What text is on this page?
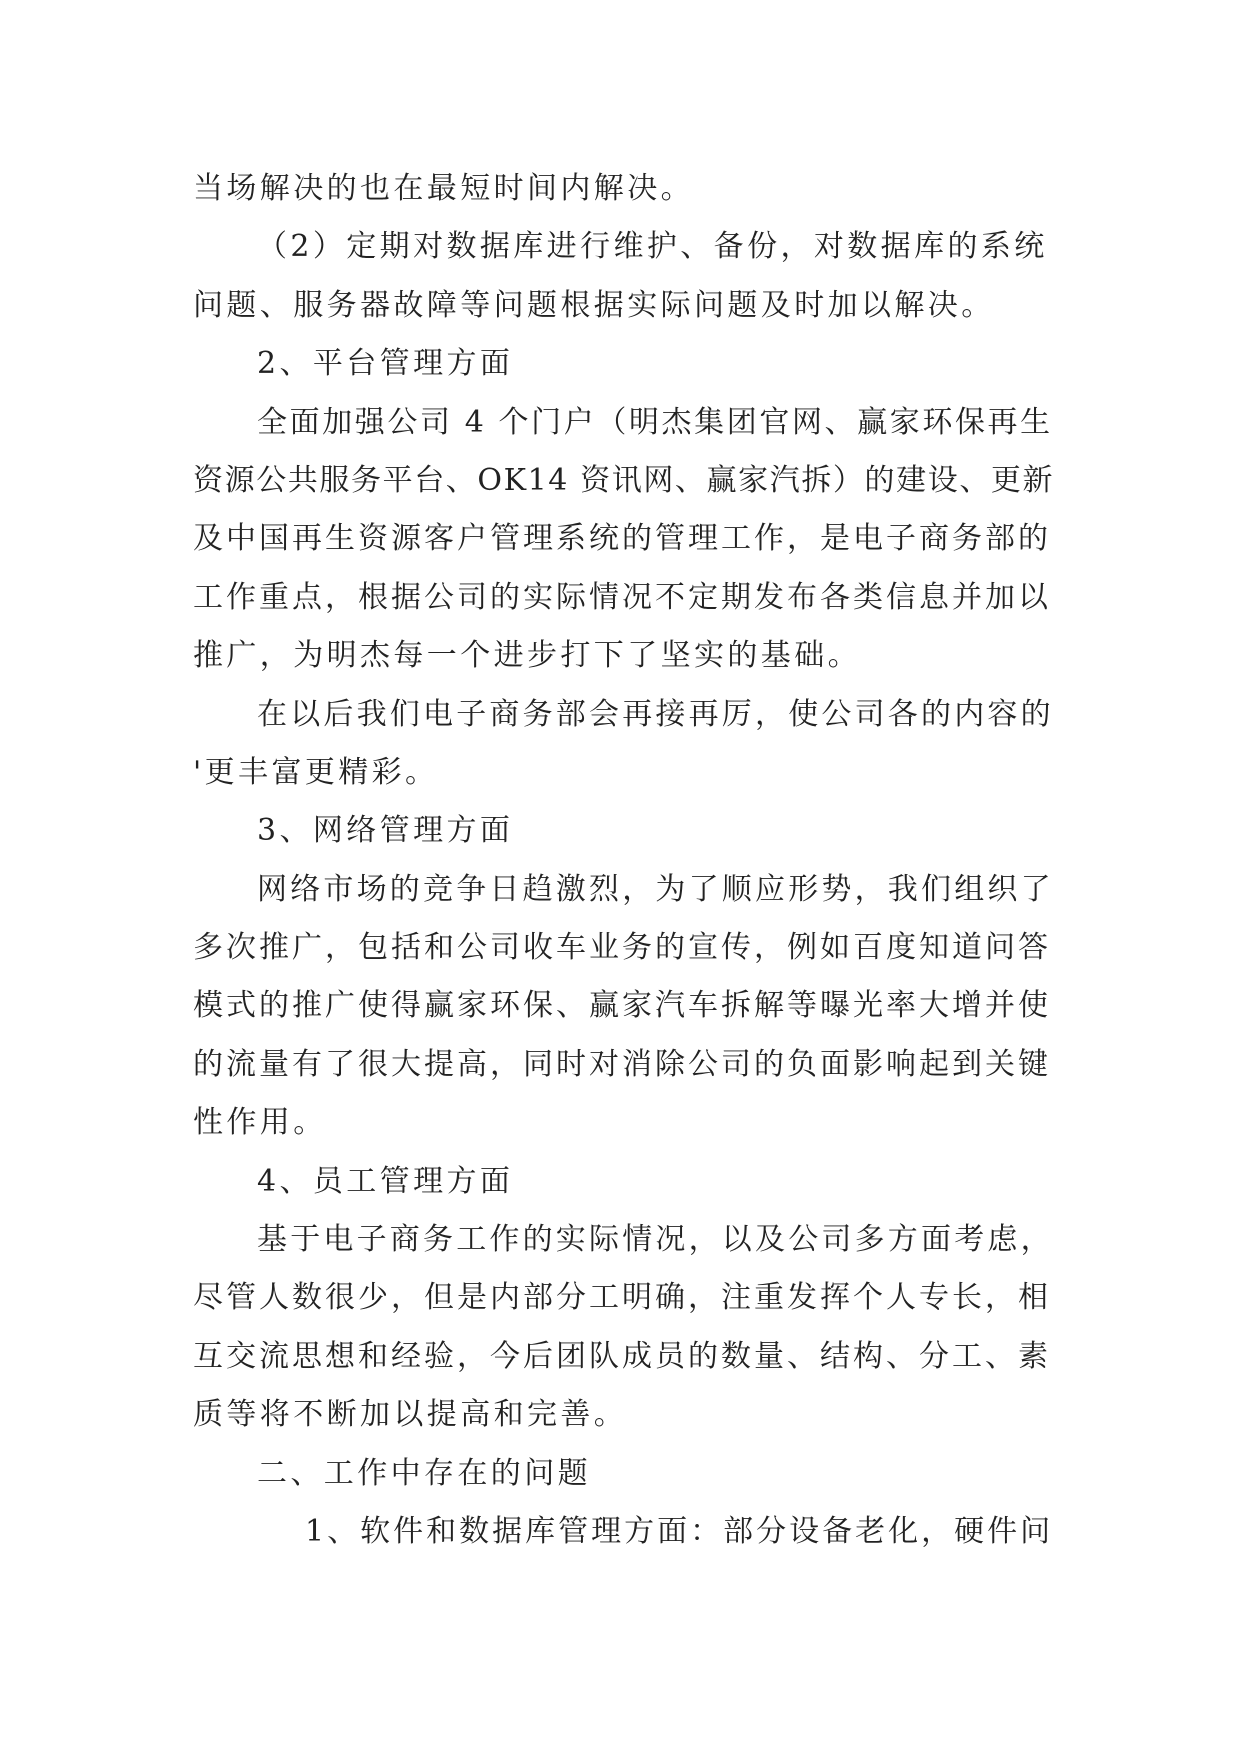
当场解决的也在最短时间内解决。
（2）定期对数据库进行维护、备份，对数据库的系统
问题、服务器故障等问题根据实际问题及时加以解决。
2、平台管理方面
全面加强公司 4 个门户（明杰集团官网、赢家环保再生
资源公共服务平台、OK14 资讯网、赢家汽拆）的建设、更新
及中国再生资源客户管理系统的管理工作，是电子商务部的
工作重点，根据公司的实际情况不定期发布各类信息并加以
推广，为明杰每一个进步打下了坚实的基础。
在以后我们电子商务部会再接再厉，使公司各的内容的
'更丰富更精彩。
3、网络管理方面
网络市场的竞争日趋激烈，为了顺应形势，我们组织了
多次推广，包括和公司收车业务的宣传，例如百度知道问答
模式的推广使得赢家环保、赢家汽车拆解等曝光率大增并使
的流量有了很大提高，同时对消除公司的负面影响起到关键
性作用。
4、员工管理方面
基于电子商务工作的实际情况，以及公司多方面考虑，
尽管人数很少，但是内部分工明确，注重发挥个人专长，相
互交流思想和经验，今后团队成员的数量、结构、分工、素
质等将不断加以提高和完善。
二、工作中存在的问题
1、软件和数据库管理方面：部分设备老化，硬件问
